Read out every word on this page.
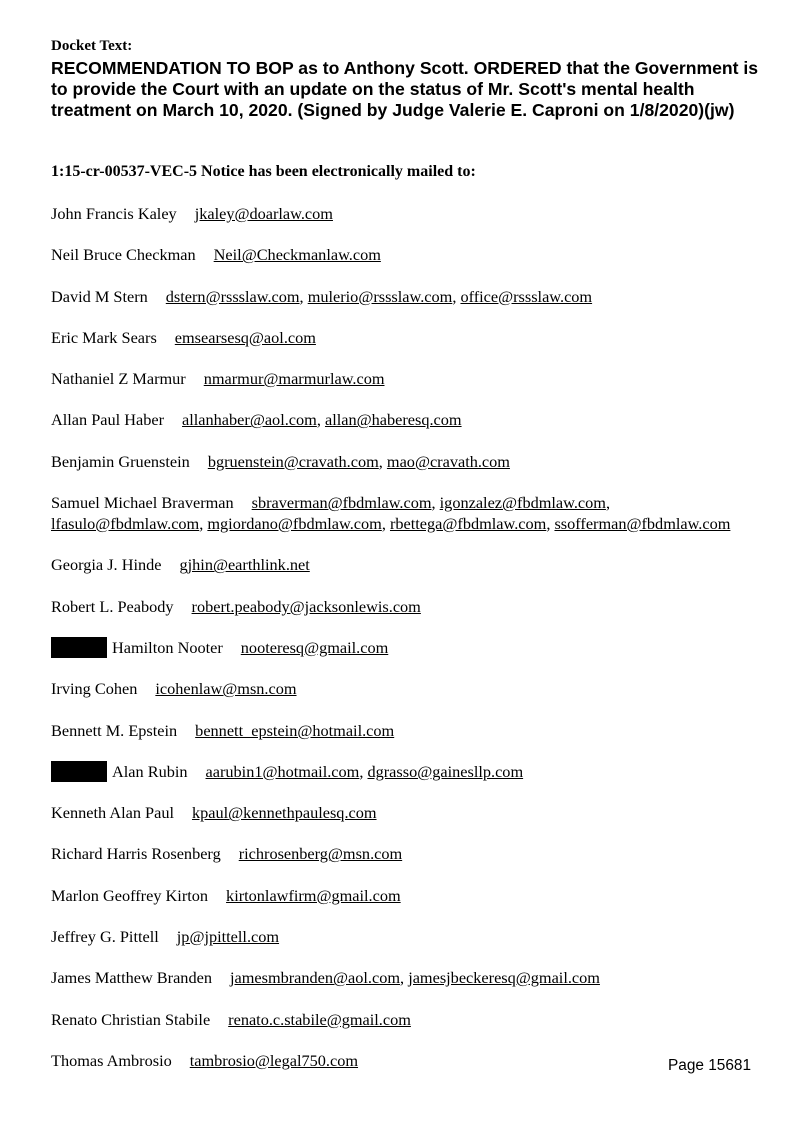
Docket Text:

RECOMMENDATION TO BOP as to Anthony Scott. ORDERED that the Government is to provide the Court with an update on the status of Mr. Scott's mental health treatment on March 10, 2020. (Signed by Judge Valerie E. Caproni on 1/8/2020)(jw)

1:15-cr-00537-VEC-5 Notice has been electronically mailed to:
John Francis Kaley jkaley@doarlaw.com
Neil Bruce Checkman Neil@Checkmanlaw.com
David M Stern dstern@rssslaw.com, mulerio@rssslaw.com, office@rssslaw.com
Eric Mark Sears emsearsesq@aol.com
Nathaniel Z Marmur nmarmur@marmurlaw.com
Allan Paul Haber allanhaber@aol.com, allan@haberesq.com
Benjamin Gruenstein bgruenstein@cravath.com, mao@cravath.com
Samuel Michael Braverman sbraverman@fbdmlaw.com, igonzalez@fbdmlaw.com, lfasulo@fbdmlaw.com, mgiordano@fbdmlaw.com, rbettega@fbdmlaw.com, ssofferman@fbdmlaw.com
Georgia J. Hinde gjhin@earthlink.net
Robert L. Peabody robert.peabody@jacksonlewis.com
Hamilton Nooter nooteresq@gmail.com
Irving Cohen icohenlaw@msn.com
Bennett M. Epstein bennett_epstein@hotmail.com
Alan Rubin aarubin1@hotmail.com, dgrasso@gainesllp.com
Kenneth Alan Paul kpaul@kennethpaulesq.com
Richard Harris Rosenberg richrosenberg@msn.com
Marlon Geoffrey Kirton kirtonlawfirm@gmail.com
Jeffrey G. Pittell jp@jpittell.com
James Matthew Branden jamesmbranden@aol.com, jamesjbeckeresq@gmail.com
Renato Christian Stabile renato.c.stabile@gmail.com
Thomas Ambrosio tambrosio@legal750.com	Page 15681
